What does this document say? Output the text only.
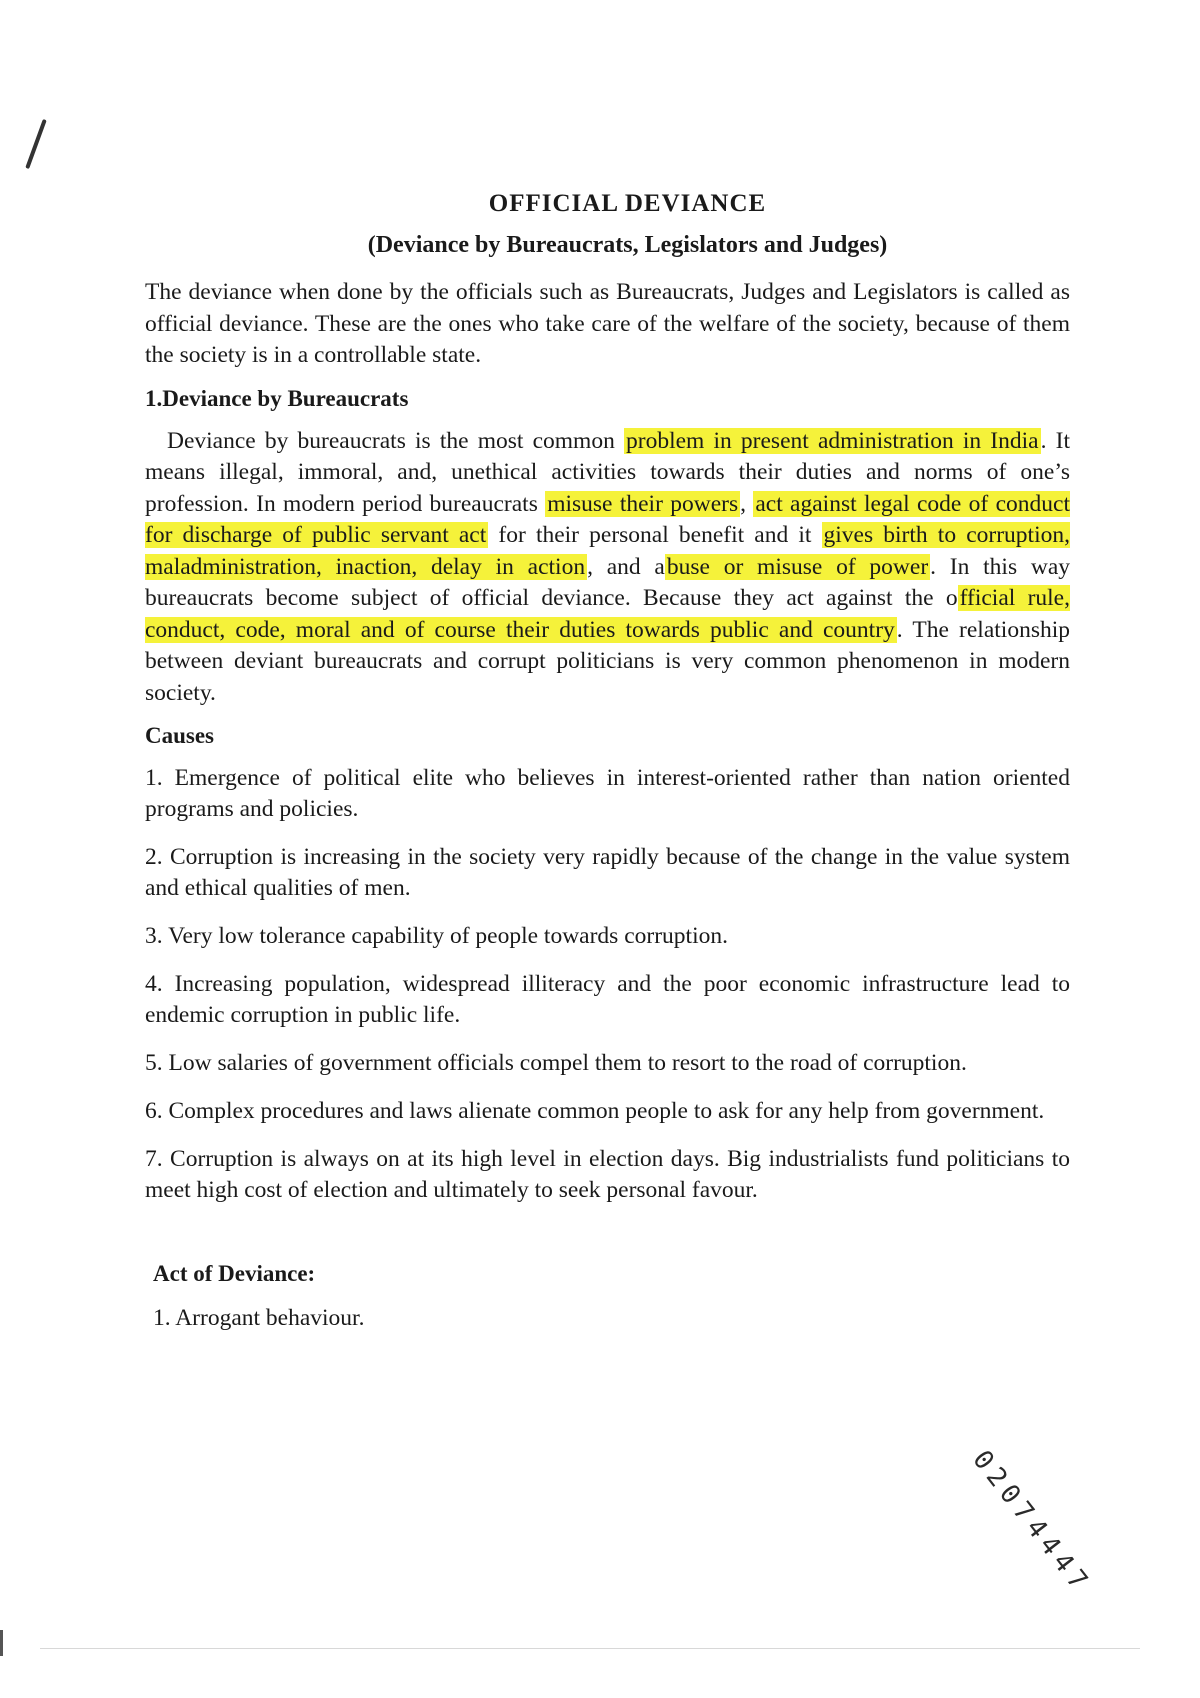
OFFICIAL DEVIANCE
(Deviance by Bureaucrats, Legislators and Judges)

The deviance when done by the officials such as Bureaucrats, Judges and Legislators is called as official deviance. These are the ones who take care of the welfare of the society, because of them the society is in a controllable state.

1.Deviance by Bureaucrats

Deviance by bureaucrats is the most common problem in present administration in India. It means illegal, immoral, and, unethical activities towards their duties and norms of one’s profession. In modern period bureaucrats misuse their powers, act against legal code of conduct for discharge of public servant act for their personal benefit and it gives birth to corruption, maladministration, inaction, delay in action, and abuse or misuse of power. In this way bureaucrats become subject of official deviance. Because they act against the official rule, conduct, code, moral and of course their duties towards public and country. The relationship between deviant bureaucrats and corrupt politicians is very common phenomenon in modern society.

Causes
1. Emergence of political elite who believes in interest-oriented rather than nation oriented programs and policies.
2. Corruption is increasing in the society very rapidly because of the change in the value system and ethical qualities of men.
3. Very low tolerance capability of people towards corruption.
4. Increasing population, widespread illiteracy and the poor economic infrastructure lead to endemic corruption in public life.
5. Low salaries of government officials compel them to resort to the road of corruption.
6. Complex procedures and laws alienate common people to ask for any help from government.
7. Corruption is always on at its high level in election days. Big industrialists fund politicians to meet high cost of election and ultimately to seek personal favour.
Act of Deviance:
1. Arrogant behaviour.
02074447
